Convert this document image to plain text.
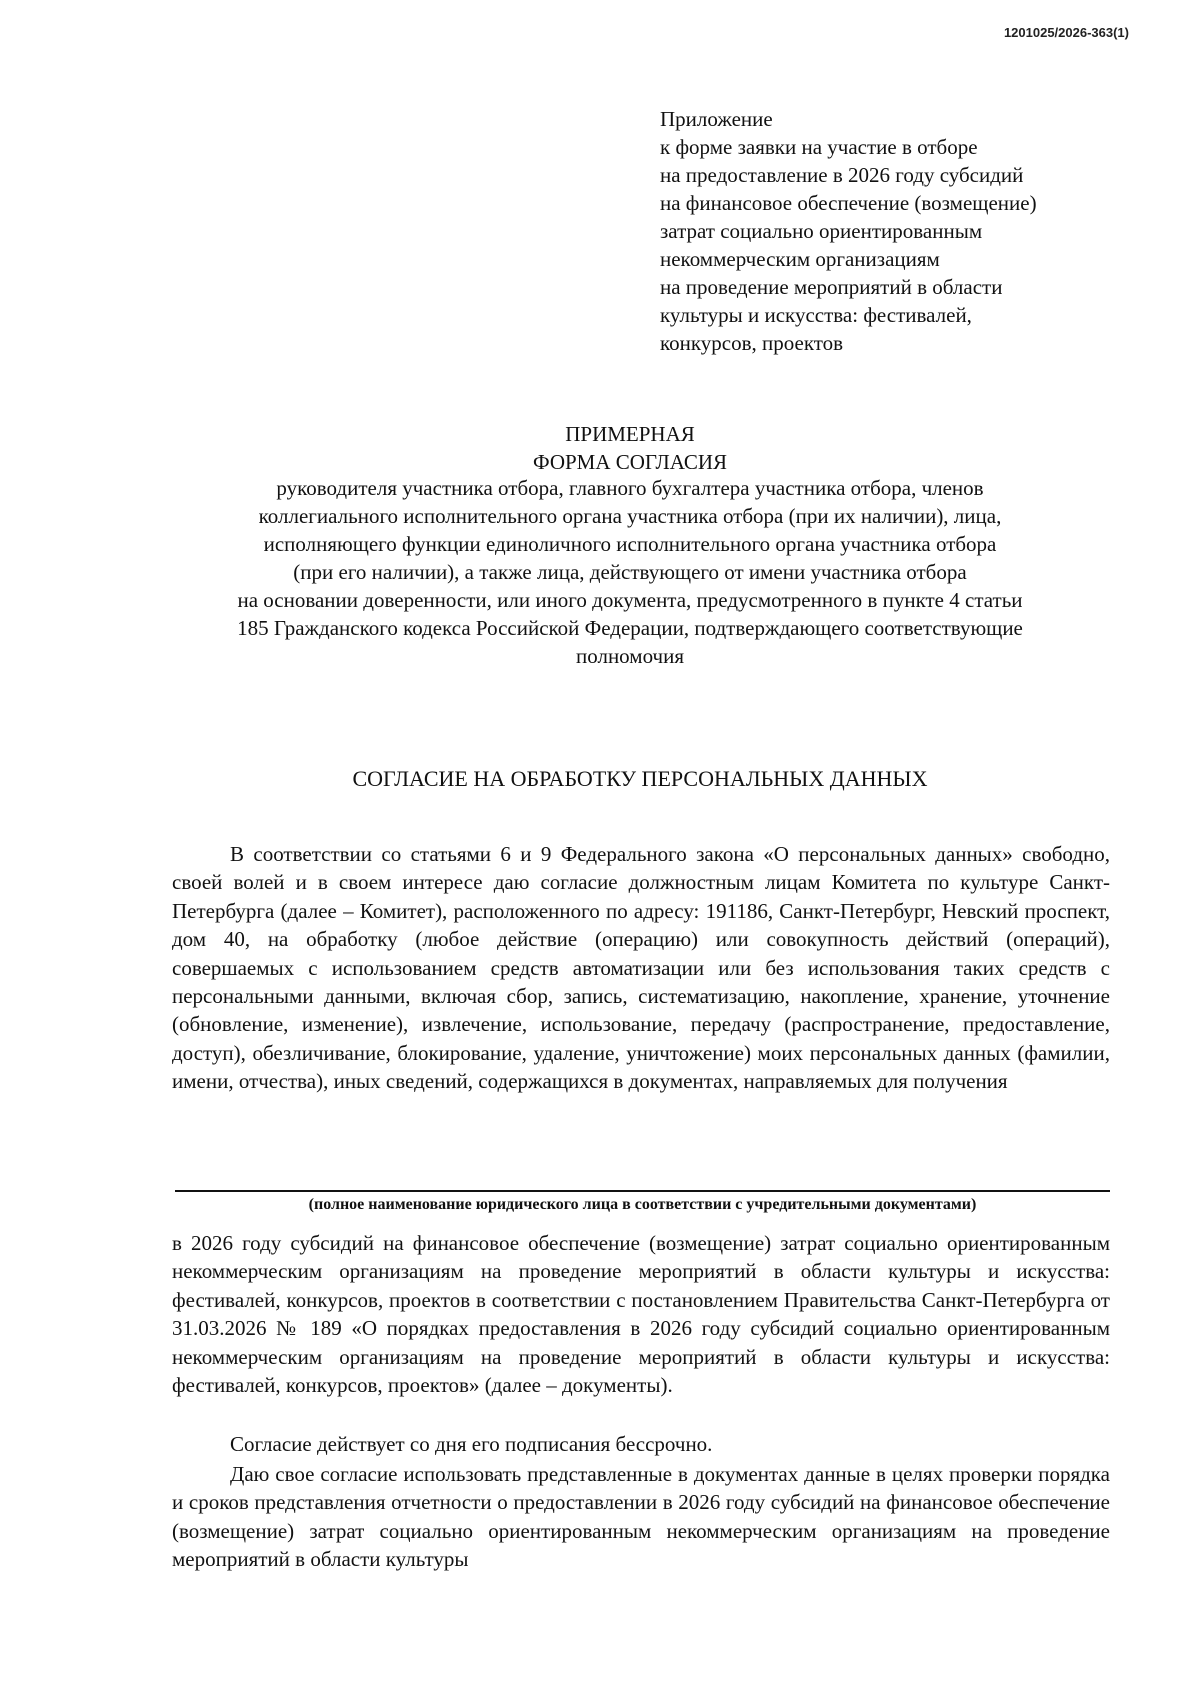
1201025/2026-363(1)
Приложение
к форме заявки на участие в отборе
на предоставление в 2026 году субсидий
на финансовое обеспечение (возмещение)
затрат социально ориентированным
некоммерческим организациям
на проведение мероприятий в области
культуры и искусства: фестивалей,
конкурсов, проектов
ПРИМЕРНАЯ
ФОРМА СОГЛАСИЯ
руководителя участника отбора, главного бухгалтера участника отбора, членов
коллегиального исполнительного органа участника отбора (при их наличии), лица,
исполняющего функции единоличного исполнительного органа участника отбора
(при его наличии), а также лица, действующего от имени участника отбора
на основании доверенности, или иного документа, предусмотренного в пункте 4 статьи
185 Гражданского кодекса Российской Федерации, подтверждающего соответствующие
полномочия
СОГЛАСИЕ НА ОБРАБОТКУ ПЕРСОНАЛЬНЫХ ДАННЫХ
В соответствии со статьями 6 и 9 Федерального закона «О персональных данных» свободно, своей волей и в своем интересе даю согласие должностным лицам Комитета по культуре Санкт-Петербурга (далее – Комитет), расположенного по адресу: 191186, Санкт-Петербург, Невский проспект, дом 40, на обработку (любое действие (операцию) или совокупность действий (операций), совершаемых с использованием средств автоматизации или без использования таких средств с персональными данными, включая сбор, запись, систематизацию, накопление, хранение, уточнение (обновление, изменение), извлечение, использование, передачу (распространение, предоставление, доступ), обезличивание, блокирование, удаление, уничтожение) моих персональных данных (фамилии, имени, отчества), иных сведений, содержащихся в документах, направляемых для получения
(полное наименование юридического лица в соответствии с учредительными документами)
в 2026 году субсидий на финансовое обеспечение (возмещение) затрат социально ориентированным некоммерческим организациям на проведение мероприятий в области культуры и искусства: фестивалей, конкурсов, проектов в соответствии с постановлением Правительства Санкт-Петербурга от 31.03.2026 № 189 «О порядках предоставления в 2026 году субсидий социально ориентированным некоммерческим организациям на проведение мероприятий в области культуры и искусства: фестивалей, конкурсов, проектов» (далее – документы).
Согласие действует со дня его подписания бессрочно.
Даю свое согласие использовать представленные в документах данные в целях проверки порядка и сроков представления отчетности о предоставлении в 2026 году субсидий на финансовое обеспечение (возмещение) затрат социально ориентированным некоммерческим организациям на проведение мероприятий в области культуры
